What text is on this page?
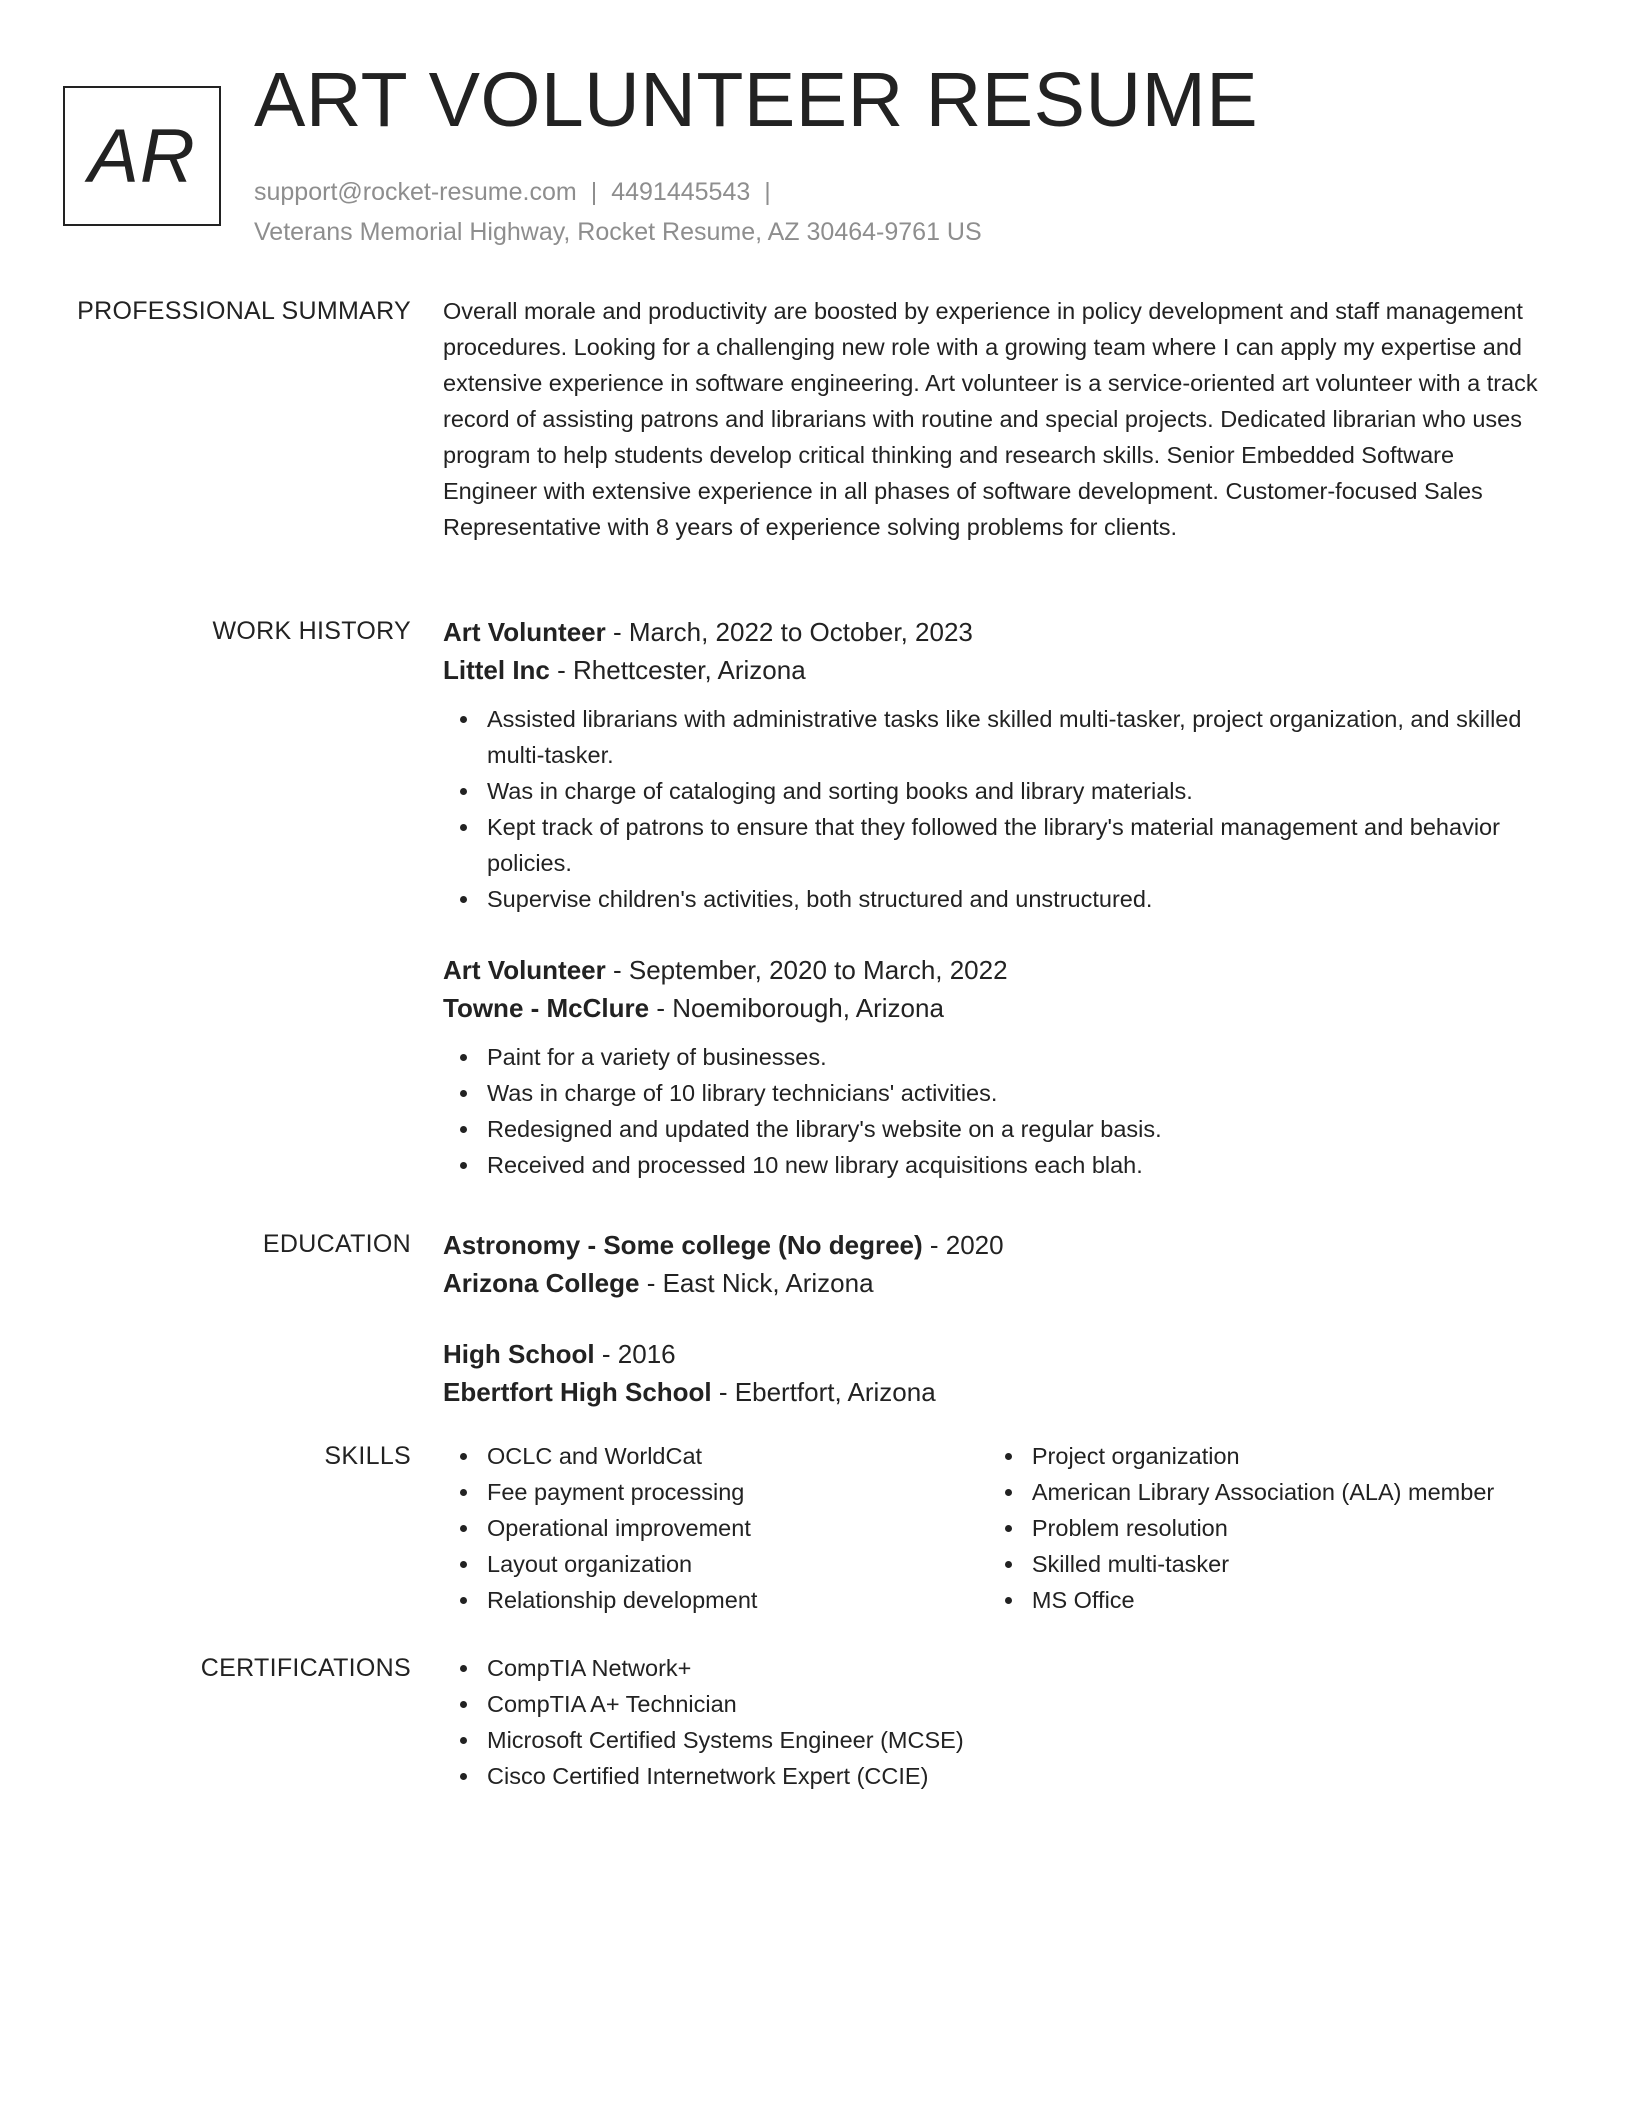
AR
ART VOLUNTEER RESUME
support@rocket-resume.com | 4491445543 |
Veterans Memorial Highway, Rocket Resume, AZ 30464-9761 US
PROFESSIONAL SUMMARY Overall morale and productivity are boosted by experience in policy development and staff management procedures. Looking for a challenging new role with a growing team where I can apply my expertise and extensive experience in software engineering. Art volunteer is a service-oriented art volunteer with a track record of assisting patrons and librarians with routine and special projects. Dedicated librarian who uses program to help students develop critical thinking and research skills. Senior Embedded Software Engineer with extensive experience in all phases of software development. Customer-focused Sales Representative with 8 years of experience solving problems for clients.

WORK HISTORY Art Volunteer - March, 2022 to October, 2023
Littel Inc - Rhettcester, Arizona
Assisted librarians with administrative tasks like skilled multi-tasker, project organization, and skilled multi-tasker.
Was in charge of cataloging and sorting books and library materials.
Kept track of patrons to ensure that they followed the library's material management and behavior policies.
Supervise children's activities, both structured and unstructured.
Art Volunteer - September, 2020 to March, 2022
Towne - McClure - Noemiborough, Arizona
Paint for a variety of businesses.
Was in charge of 10 library technicians' activities.
Redesigned and updated the library's website on a regular basis.
Received and processed 10 new library acquisitions each blah.
EDUCATION Astronomy - Some college (No degree) - 2020
Arizona College - East Nick, Arizona
High School - 2016
Ebertfort High School - Ebertfort, Arizona
SKILLS	OCLC and WorldCat
Fee payment processing
Operational improvement
Layout organization
Relationship development
Project organization
American Library Association (ALA) member
Problem resolution
Skilled multi-tasker
MS Office
CERTIFICATIONS	CompTIA Network+
CompTIA A+ Technician
Microsoft Certified Systems Engineer (MCSE)
Cisco Certified Internetwork Expert (CCIE)
